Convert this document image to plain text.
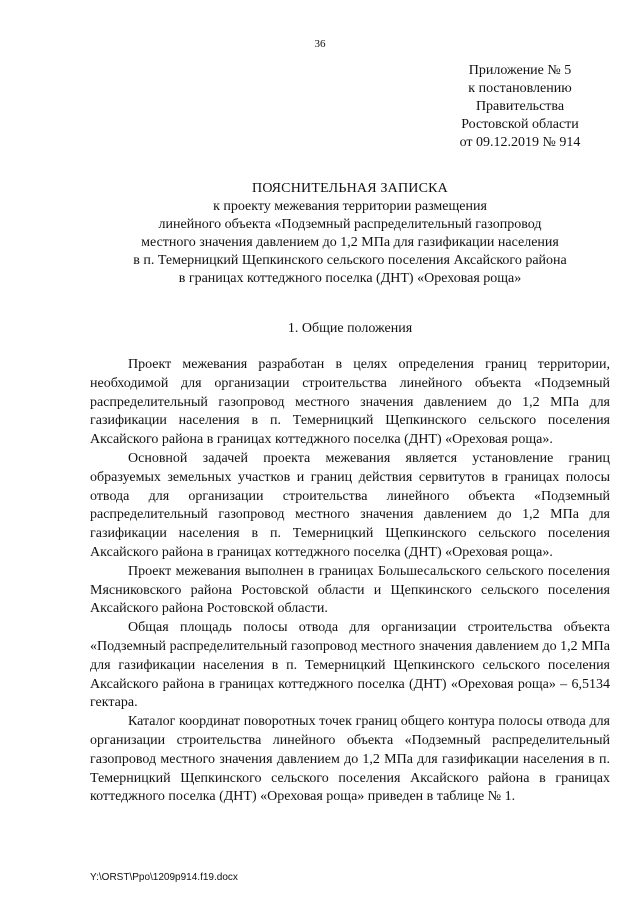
36
Приложение № 5
к постановлению
Правительства
Ростовской области
от 09.12.2019 № 914
ПОЯСНИТЕЛЬНАЯ ЗАПИСКА
к проекту межевания территории размещения
линейного объекта «Подземный распределительный газопровод
местного значения давлением до 1,2 МПа для газификации населения
в п. Темерницкий Щепкинского сельского поселения Аксайского района
в границах коттеджного поселка (ДНТ) «Ореховая роща»
1. Общие положения

Проект межевания разработан в целях определения границ территории, необходимой для организации строительства линейного объекта «Подземный распределительный газопровод местного значения давлением до 1,2 МПа для газификации населения в п. Темерницкий Щепкинского сельского поселения Аксайского района в границах коттеджного поселка (ДНТ) «Ореховая роща».

Основной задачей проекта межевания является установление границ образуемых земельных участков и границ действия сервитутов в границах полосы отвода для организации строительства линейного объекта «Подземный распределительный газопровод местного значения давлением до 1,2 МПа для газификации населения в п. Темерницкий Щепкинского сельского поселения Аксайского района в границах коттеджного поселка (ДНТ) «Ореховая роща».

Проект межевания выполнен в границах Большесальского сельского поселения Мясниковского района Ростовской области и Щепкинского сельского поселения Аксайского района Ростовской области.

Общая площадь полосы отвода для организации строительства объекта «Подземный распределительный газопровод местного значения давлением до 1,2 МПа для газификации населения в п. Темерницкий Щепкинского сельского поселения Аксайского района в границах коттеджного поселка (ДНТ) «Ореховая роща» – 6,5134 гектара.

Каталог координат поворотных точек границ общего контура полосы отвода для организации строительства линейного объекта «Подземный распределительный газопровод местного значения давлением до 1,2 МПа для газификации населения в п. Темерницкий Щепкинского сельского поселения Аксайского района в границах коттеджного поселка (ДНТ) «Ореховая роща» приведен в таблице № 1.

Y:\ORST\Ppo\1209p914.f19.docx
